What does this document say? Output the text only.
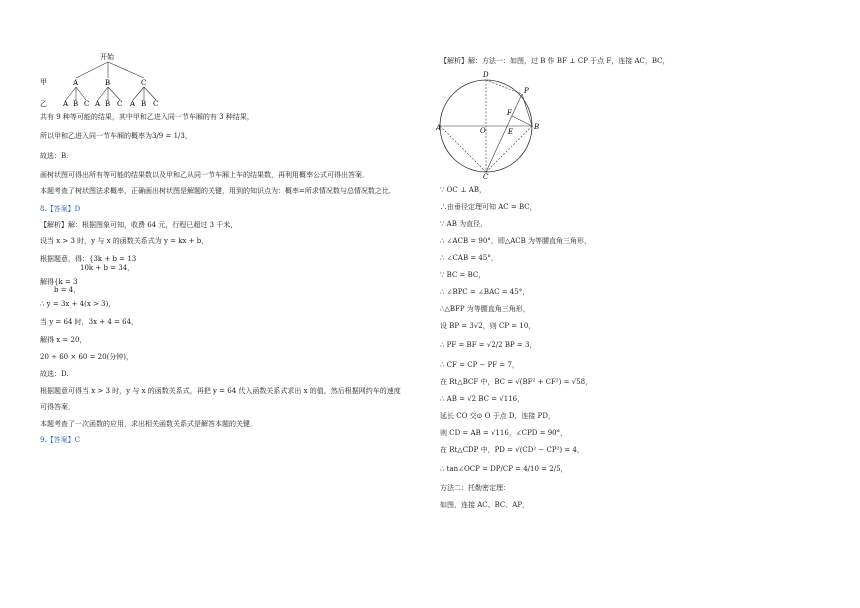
开始
甲
乙
A	B	C
A B C A B C A B C
共有 9 种等可能的结果，其中甲和乙进入同一节车厢的有 3 种结果，
所以甲和乙进入同一节车厢的概率为3/9 = 1/3，
故选：B.
画树状图可得出所有等可能的结果数以及甲和乙从同一节车厢上车的结果数，再利用概率公式可得出答案．
本题考查了树状图法求概率，正确画出树状图是解题的关键，用到的知识点为：概率=所求情况数与总情况数之比．
8.【答案】D
【解析】解：根据图象可知，收费 64 元，行程已超过 3 千米，
设当 x > 3 时，y 与 x 的函数关系式为 y = kx + b，
根据题意，得：{3k + b = 13
10k + b = 34，
解得{k = 3
b = 4，
∴ y = 3x + 4(x > 3)，
当 y = 64 时，3x + 4 = 64，
解得 x = 20，
20 ÷ 60 × 60 = 20(分钟)，
故选：D.
根据题意可得当 x > 3 时，y 与 x 的函数关系式，再把 y = 64 代入函数关系式求出 x 的值，然后根据网约车的速度
可得答案．
本题考查了一次函数的应用，求出相关函数关系式是解答本题的关键．
9.【答案】C
【解析】解：方法一：如图，过 B 作 BF ⊥ CP 于点 F，连接 AC，BC，
D
P
F
A	O	E
B
C
∵ OC ⊥ AB，
∴由垂径定理可知 AC = BC，
∵ AB 为直径，
∴ ∠ACB = 90°，即△ACB 为等腰直角三角形，
∴ ∠CAB = 45°，
∵ BC = BC，
∴ ∠BPC = ∠BAC = 45°，
∴△BFP 为等腰直角三角形，
设 BP = 3√2，则 CP = 10，
∴ PF = BF = √2/2 BP = 3，
∴ CF = CP − PF = 7，
在 Rt△BCF 中，BC = √(BF² + CF²) = √58，
∴ AB = √2 BC = √116，
延长 CO 交⊙ O 于点 D，连接 PD，
则 CD = AB = √116，∠CPD = 90°，
在 Rt△CDP 中，PD = √(CD² − CP²) = 4，
∴ tan∠OCP = DP/CP = 4/10 = 2/5，
方法二：托勒密定理：
如图，连接 AC、BC、AP，
